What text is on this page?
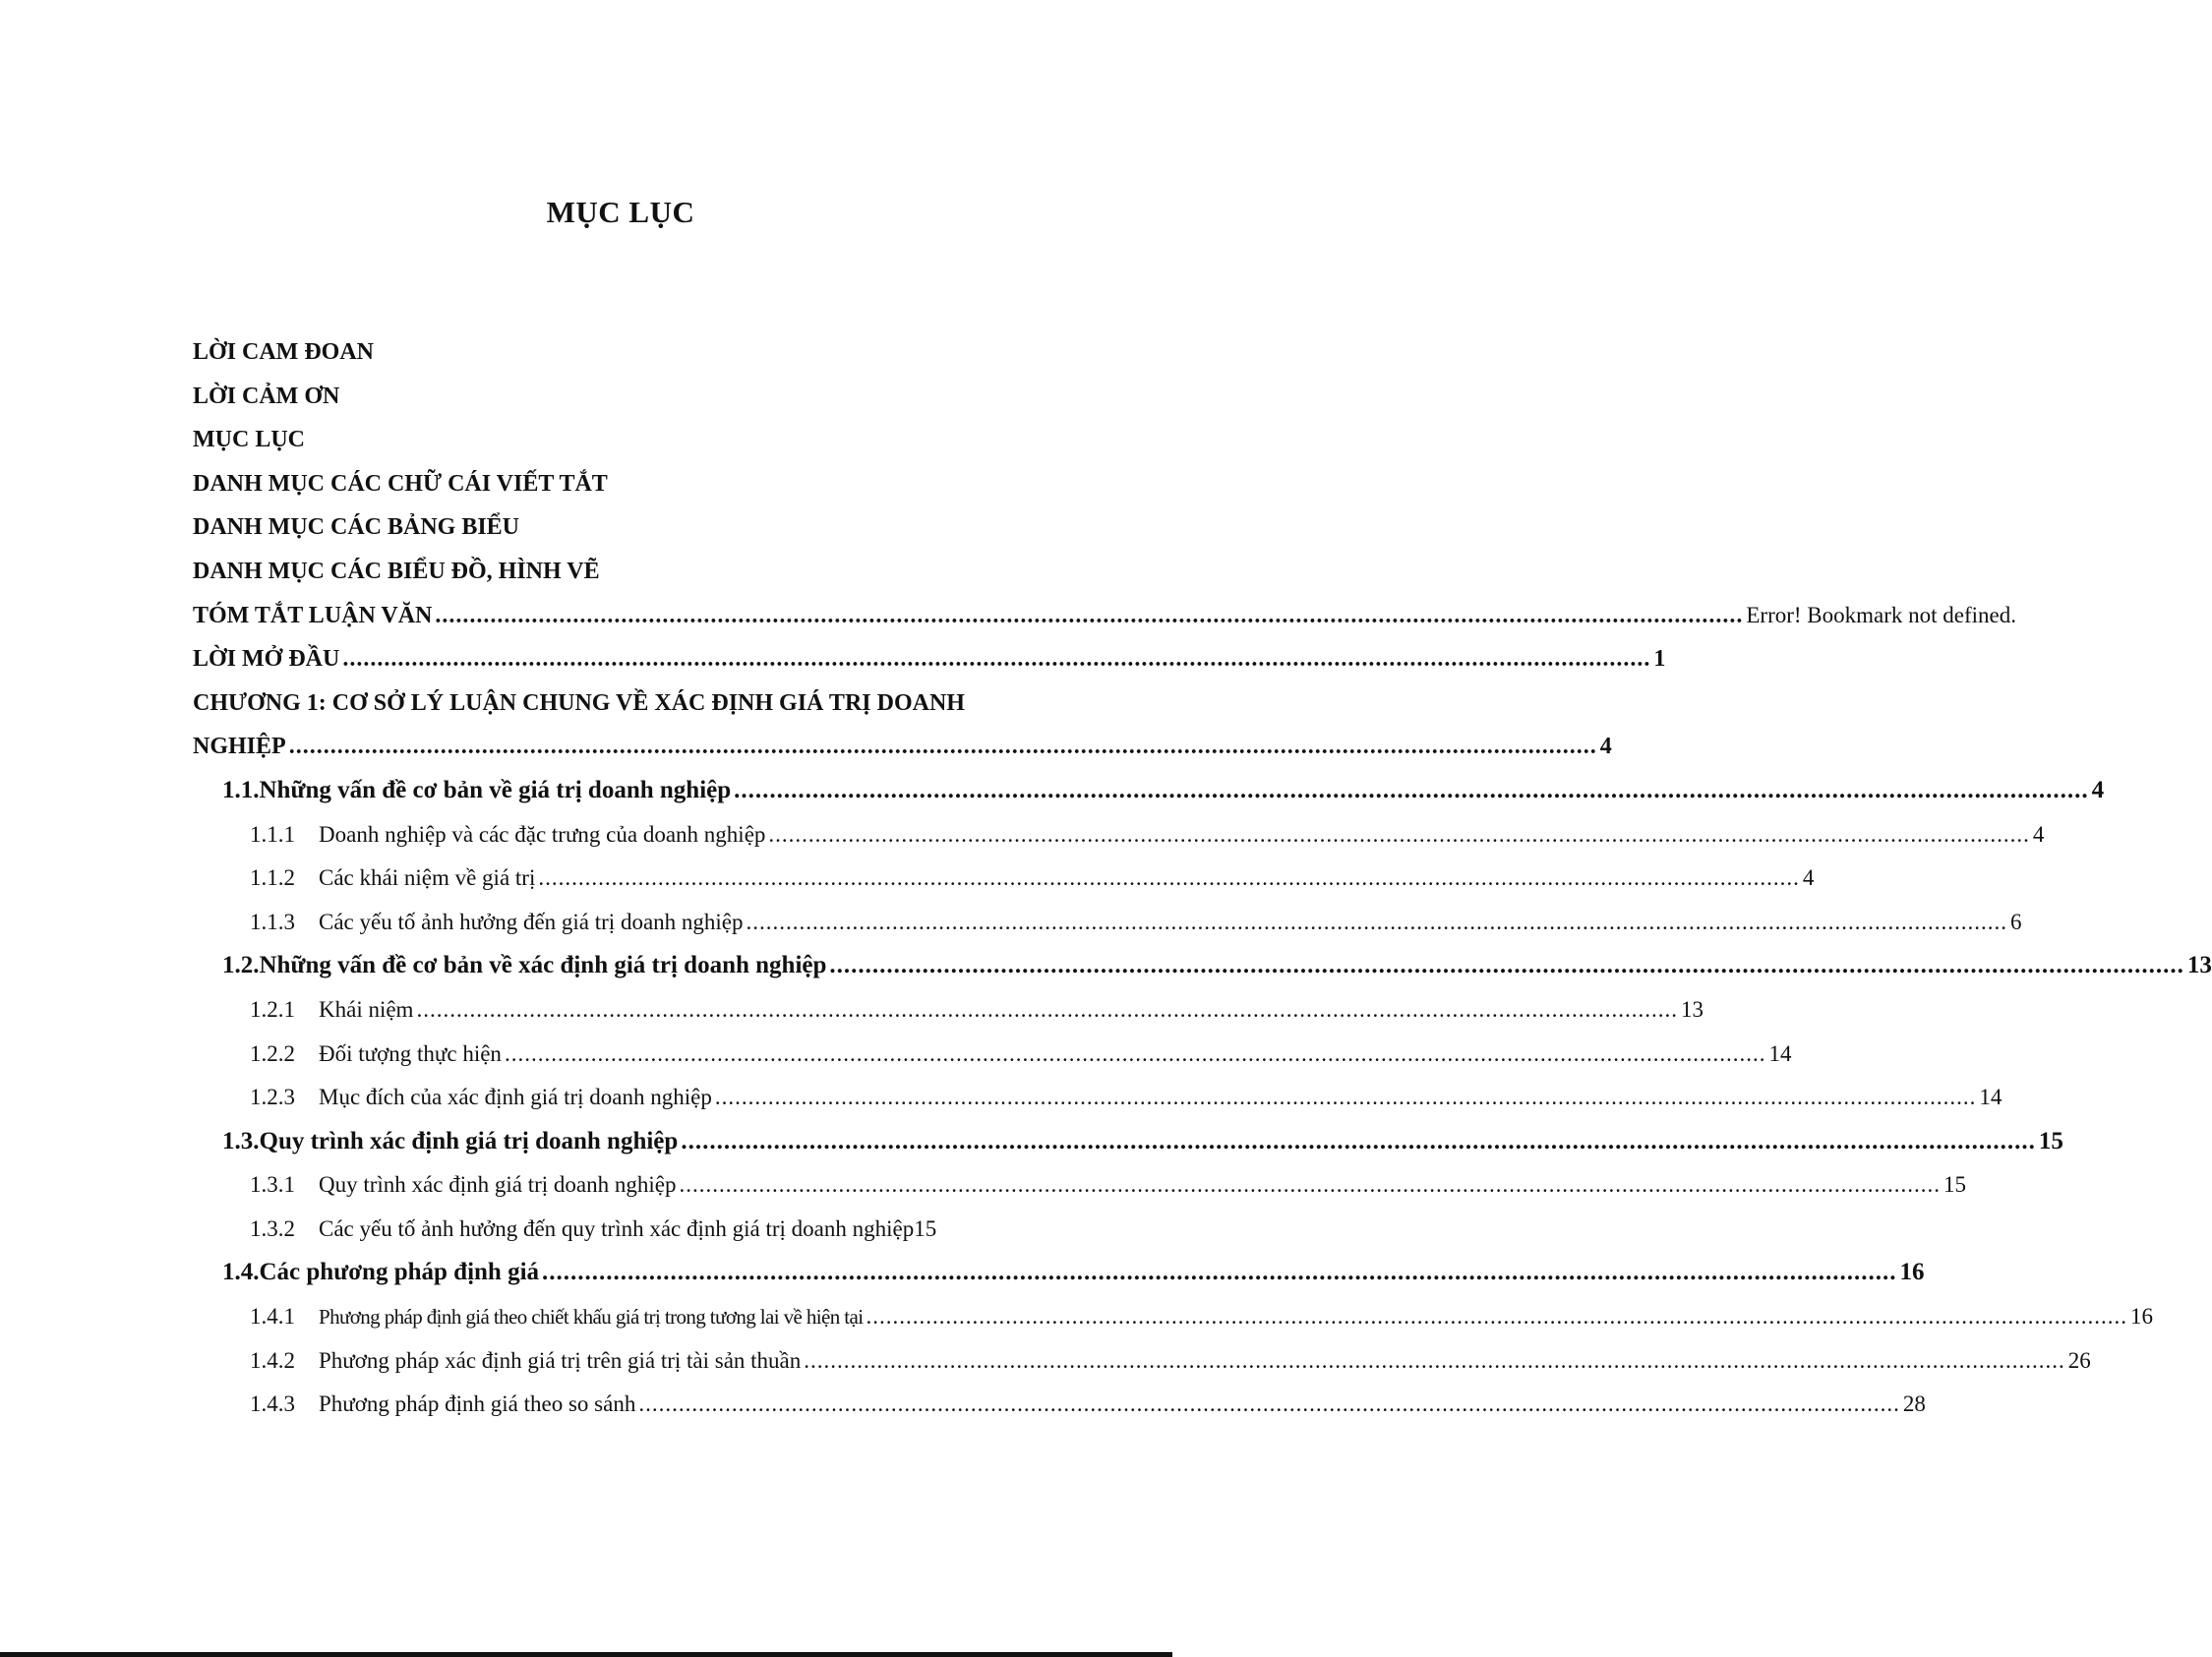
MỤC LỤC
LỜI CAM ĐOAN
LỜI CẢM ƠN
MỤC LỤC
DANH MỤC CÁC CHỮ CÁI VIẾT TẮT
DANH MỤC CÁC BẢNG BIỂU
DANH MỤC CÁC BIỂU ĐỒ, HÌNH VẼ
TÓM TẮT LUẬN VĂN .....	Error! Bookmark not defined.
LỜI MỞ ĐẦU .....	1
CHƯƠNG 1: CƠ SỞ LÝ LUẬN CHUNG VỀ XÁC ĐỊNH GIÁ TRỊ DOANH
NGHIỆP .....	4
1.1.Những vấn đề cơ bản về giá trị doanh nghiệp .....	4
1.1.1	Doanh nghiệp và các đặc trưng của doanh nghiệp .....	4
1.1.2	Các khái niệm về giá trị .....	4
1.1.3	Các yếu tố ảnh hưởng đến giá trị doanh nghiệp .....	6
1.2.Những vấn đề cơ bản về xác định giá trị doanh nghiệp .....	13
1.2.1	Khái niệm .....	13
1.2.2	Đối tượng thực hiện .....	14
1.2.3	Mục đích của xác định giá trị doanh nghiệp .....	14
1.3.Quy trình xác định giá trị doanh nghiệp .....	15
1.3.1	Quy trình xác định giá trị doanh nghiệp .....	15
1.3.2	Các yếu tố ảnh hưởng đến quy trình xác định giá trị doanh nghiệp 15
1.4.Các phương pháp định giá .....	16
1.4.1	Phương pháp định giá theo chiết khấu giá trị trong tương lai về hiện tại .....	16
1.4.2	Phương pháp xác định giá trị trên giá trị tài sản thuần .....	26
1.4.3	Phương pháp định giá theo so sánh .....	28
